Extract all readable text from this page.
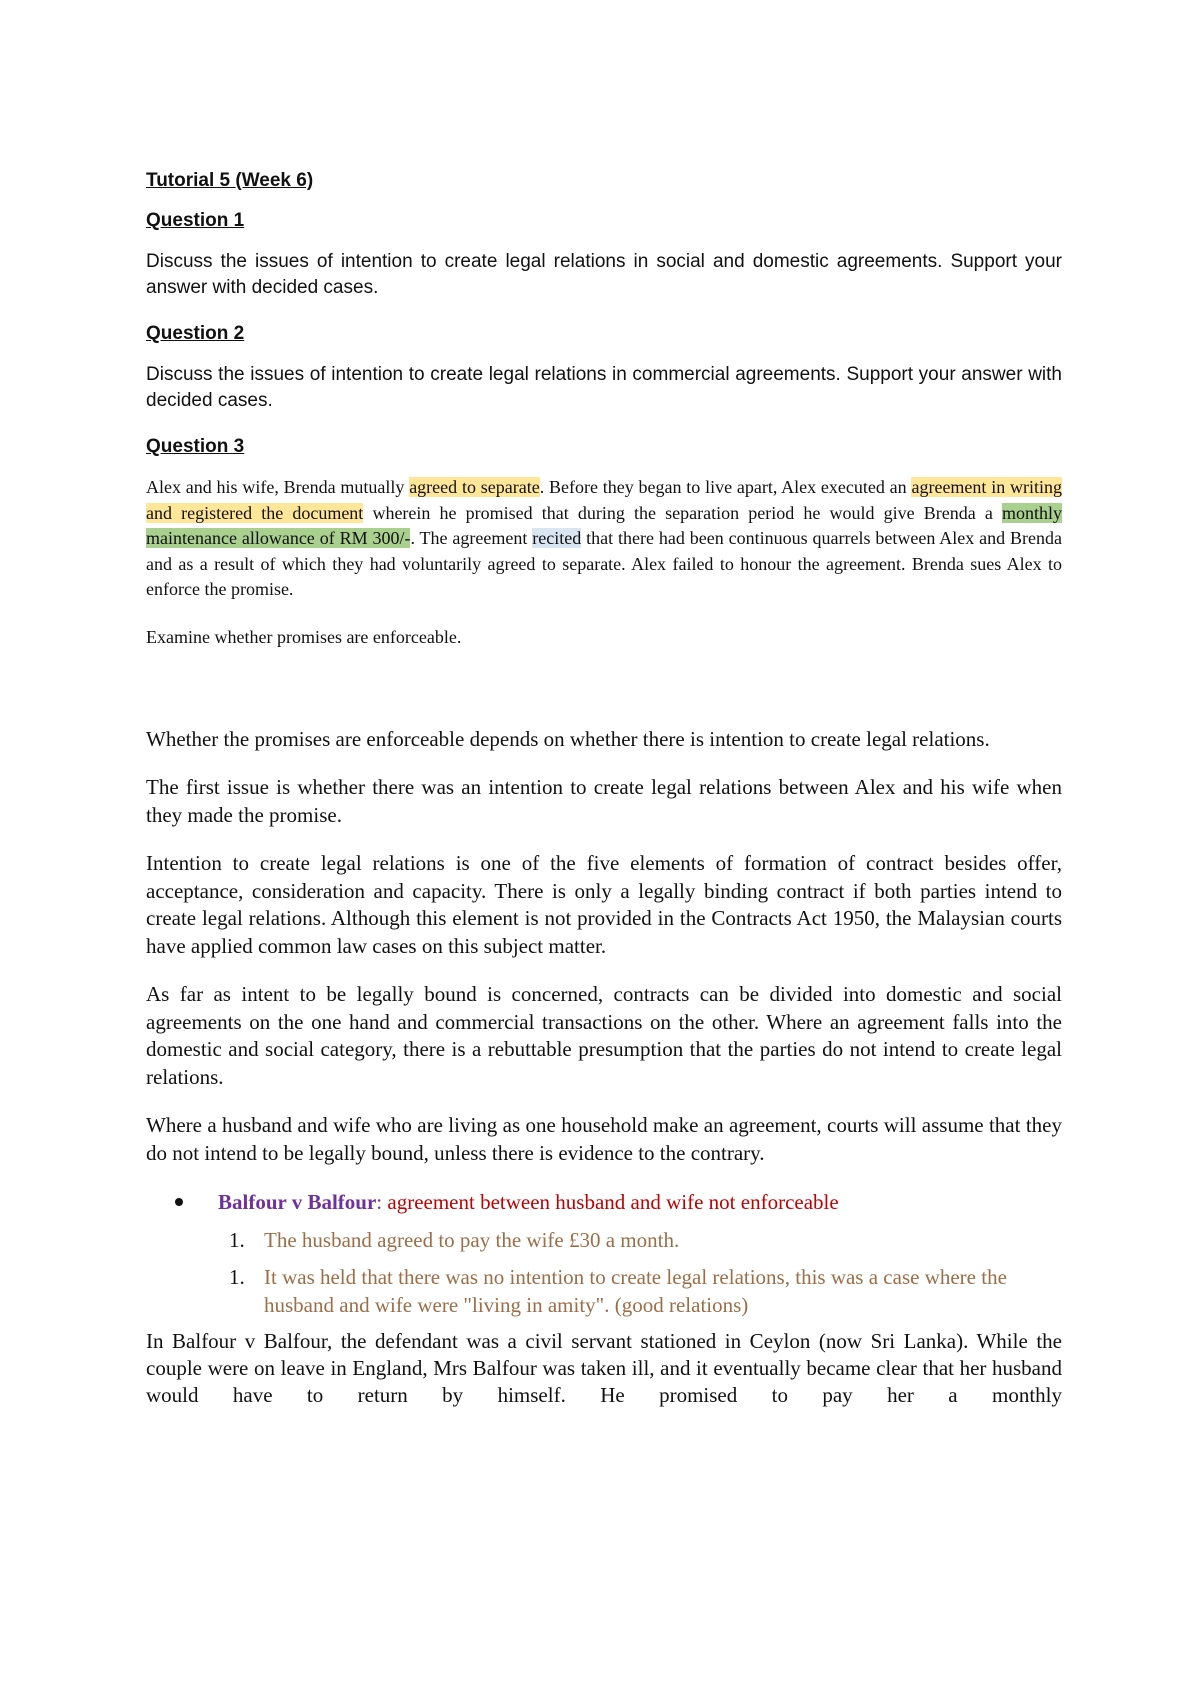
Tutorial 5 (Week 6)
Question 1

Discuss the issues of intention to create legal relations in social and domestic agreements. Support your answer with decided cases.

Question 2

Discuss the issues of intention to create legal relations in commercial agreements. Support your answer with decided cases.

Question 3

Alex and his wife, Brenda mutually agreed to separate. Before they began to live apart, Alex executed an agreement in writing and registered the document wherein he promised that during the separation period he would give Brenda a monthly maintenance allowance of RM 300/-. The agreement recited that there had been continuous quarrels between Alex and Brenda and as a result of which they had voluntarily agreed to separate. Alex failed to honour the agreement. Brenda sues Alex to enforce the promise.

Examine whether promises are enforceable.

Whether the promises are enforceable depends on whether there is intention to create legal relations.

The first issue is whether there was an intention to create legal relations between Alex and his wife when they made the promise.

Intention to create legal relations is one of the five elements of formation of contract besides offer, acceptance, consideration and capacity. There is only a legally binding contract if both parties intend to create legal relations. Although this element is not provided in the Contracts Act 1950, the Malaysian courts have applied common law cases on this subject matter.

As far as intent to be legally bound is concerned, contracts can be divided into domestic and social agreements on the one hand and commercial transactions on the other. Where an agreement falls into the domestic and social category, there is a rebuttable presumption that the parties do not intend to create legal relations.

Where a husband and wife who are living as one household make an agreement, courts will assume that they do not intend to be legally bound, unless there is evidence to the contrary.

Balfour v Balfour: agreement between husband and wife not enforceable
1. The husband agreed to pay the wife £30 a month.
1. It was held that there was no intention to create legal relations, this was a case where the husband and wife were "living in amity". (good relations)

In Balfour v Balfour, the defendant was a civil servant stationed in Ceylon (now Sri Lanka). While the couple were on leave in England, Mrs Balfour was taken ill, and it eventually became clear that her husband would have to return by himself. He promised to pay her a monthly
